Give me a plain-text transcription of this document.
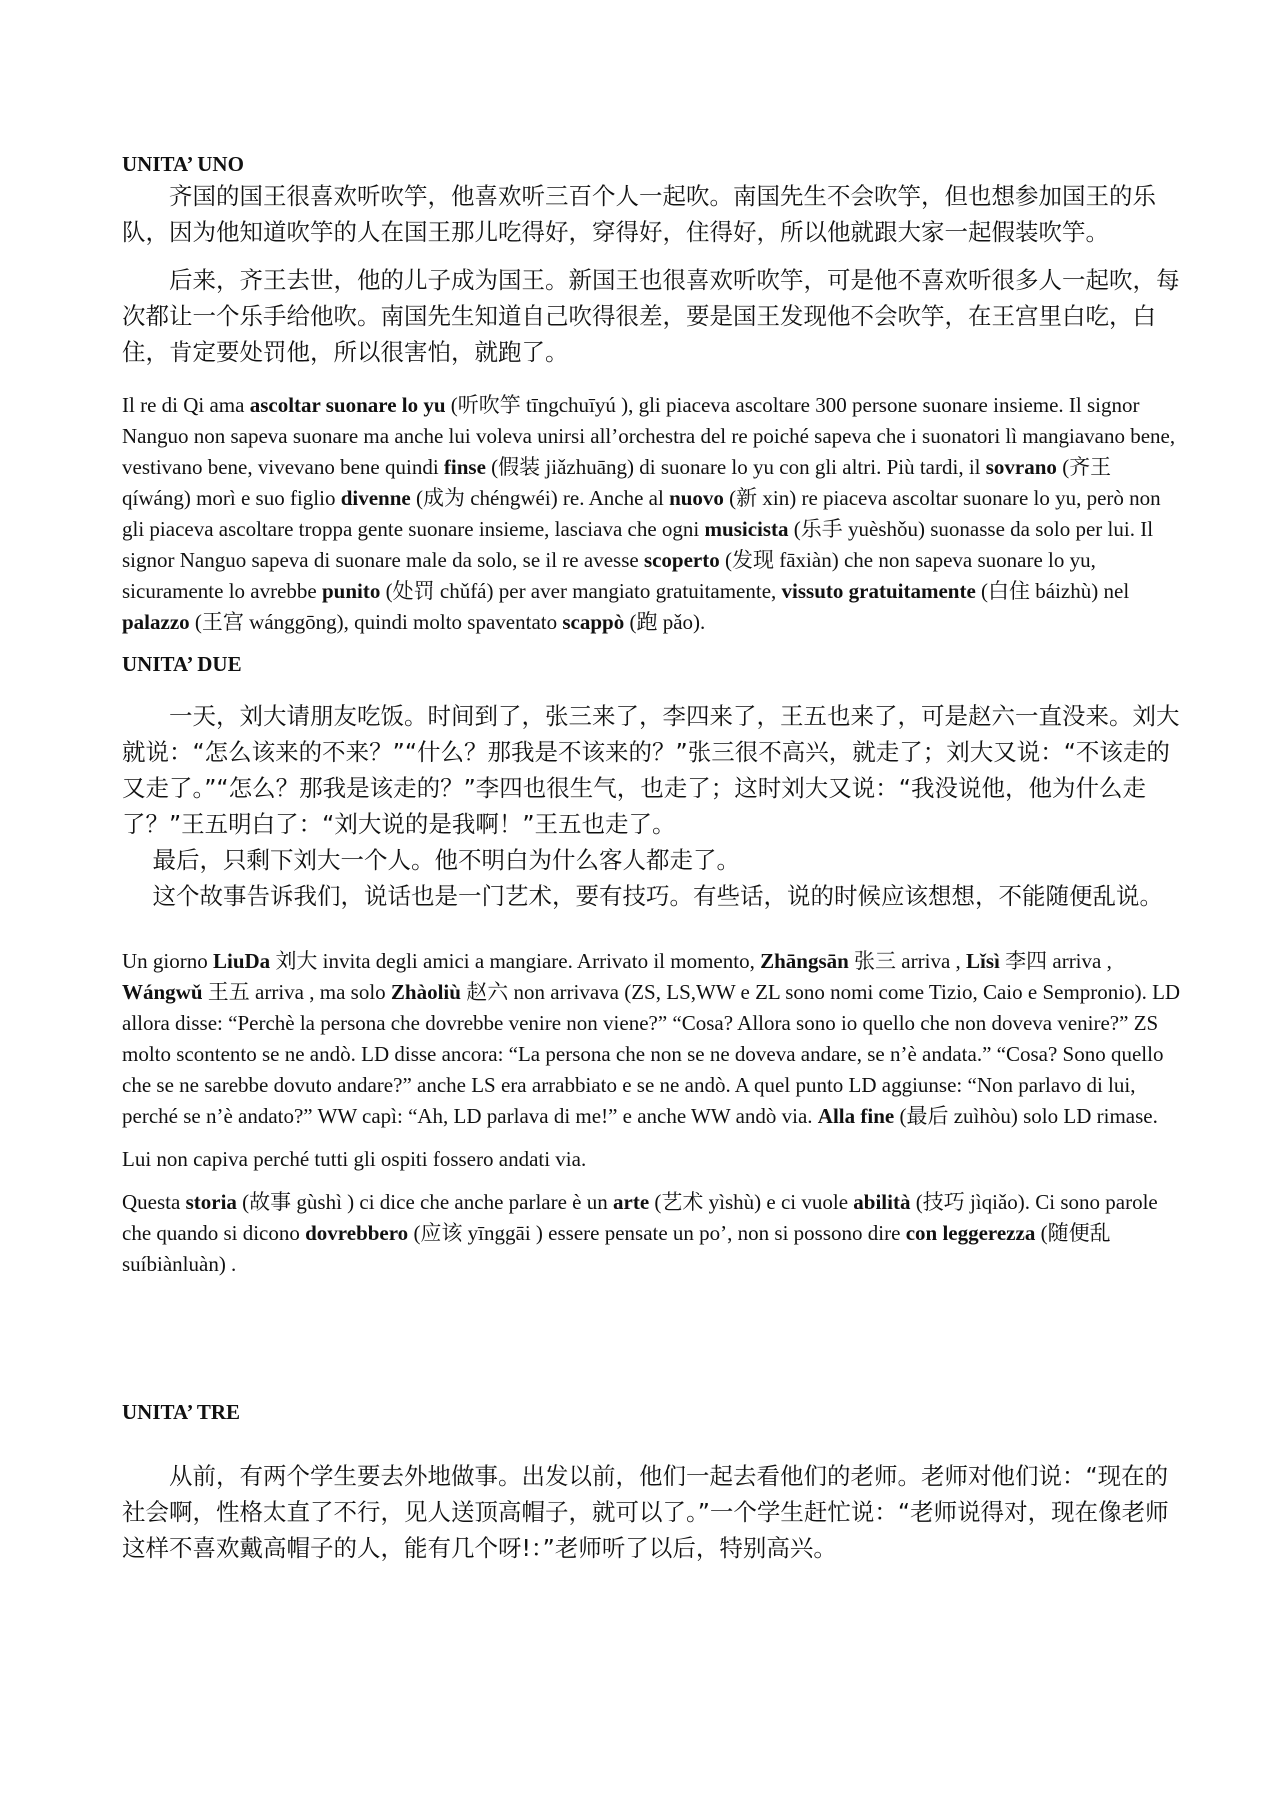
UNITA’ UNO

齐国的国王很喜欢听吹竽，他喜欢听三百个人一起吹。南国先生不会吹竽，但也想参加国王的乐队，因为他知道吹竽的人在国王那儿吃得好，穿得好，住得好，所以他就跟大家一起假装吹竽。

后来，齐王去世，他的儿子成为国王。新国王也很喜欢听吹竽，可是他不喜欢听很多人一起吹，每次都让一个乐手给他吹。南国先生知道自己吹得很差，要是国王发现他不会吹竽，在王宫里白吃，白住，肯定要处罚他，所以很害怕，就跑了。

Il re di Qi ama ascoltar suonare lo yu (听吹竽 tīngchuīyú ), gli piaceva ascoltare 300 persone suonare insieme. Il signor Nanguo non sapeva suonare ma anche lui voleva unirsi all’orchestra del re poiché sapeva che i suonatori lì mangiavano bene, vestivano bene, vivevano bene quindi finse (假装 jiǎzhuāng) di suonare lo yu con gli altri. Più tardi, il sovrano (齐王 qíwáng) morì e suo figlio divenne (成为 chéngwéi) re. Anche al nuovo (新 xin) re piaceva ascoltar suonare lo yu, però non gli piaceva ascoltare troppa gente suonare insieme, lasciava che ogni musicista (乐手 yuèshǒu) suonasse da solo per lui. Il signor Nanguo sapeva di suonare male da solo, se il re avesse scoperto (发现 fāxiàn) che non sapeva suonare lo yu, sicuramente lo avrebbe punito (处罚 chǔfá) per aver mangiato gratuitamente, vissuto gratuitamente (白住 báizhù) nel palazzo (王宫 wánggōng), quindi molto spaventato scappò (跑 pǎo).

UNITA’ DUE

一天，刘大请朋友吃饭。时间到了，张三来了，李四来了，王五也来了，可是赵六一直没来。刘大就说：“怎么该来的不来？”“什么？那我是不该来的？”张三很不高兴，就走了；刘大又说：“不该走的又走了。”“怎么？那我是该走的？”李四也很生气，也走了；这时刘大又说：“我没说他，他为什么走了？”王五明白了：“刘大说的是我啊！”王五也走了。

最后，只剩下刘大一个人。他不明白为什么客人都走了。

这个故事告诉我们，说话也是一门艺术，要有技巧。有些话，说的时候应该想想，不能随便乱说。

Un giorno LiuDa 刘大 invita degli amici a mangiare. Arrivato il momento, Zhāngsān 张三 arriva , Lǐsì 李四 arriva , Wángwǔ 王五 arriva , ma solo Zhàoliù 赵六 non arrivava (ZS, LS,WW e ZL sono nomi come Tizio, Caio e Sempronio). LD allora disse: “Perchè la persona che dovrebbe venire non viene?” “Cosa? Allora sono io quello che non doveva venire?” ZS molto scontento se ne andò. LD disse ancora: “La persona che non se ne doveva andare, se n’è andata.” “Cosa? Sono quello che se ne sarebbe dovuto andare?” anche LS era arrabbiato e se ne andò. A quel punto LD aggiunse: “Non parlavo di lui, perché se n’è andato?” WW capì: “Ah, LD parlava di me!” e anche WW andò via. Alla fine (最后 zuìhòu) solo LD rimase.

Lui non capiva perché tutti gli ospiti fossero andati via.

Questa storia (故事 gùshì ) ci dice che anche parlare è un arte (艺术 yìshù) e ci vuole abilità (技巧 jìqiǎo). Ci sono parole che quando si dicono dovrebbero (应该 yīnggāi ) essere pensate un po’, non si possono dire con leggerezza (随便乱 suíbiànluàn) .

UNITA’ TRE

从前，有两个学生要去外地做事。出发以前，他们一起去看他们的老师。老师对他们说：“现在的社会啊，性格太直了不行，见人送顶高帽子，就可以了。”一个学生赶忙说：“老师说得对，现在像老师这样不喜欢戴高帽子的人，能有几个呀!：”老师听了以后，特别高兴。
